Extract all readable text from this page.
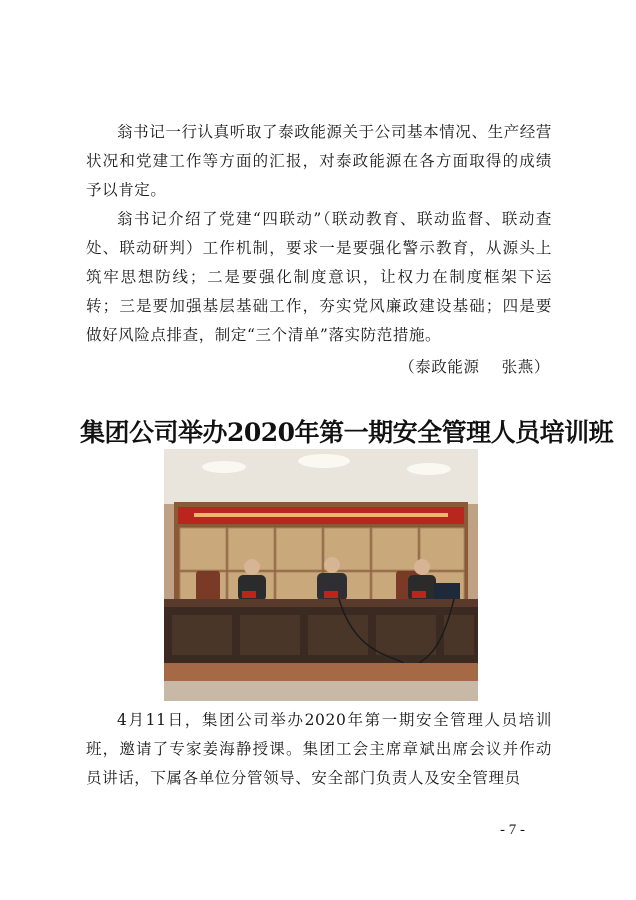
翁书记一行认真听取了泰政能源关于公司基本情况、生产经营状况和党建工作等方面的汇报，对泰政能源在各方面取得的成绩予以肯定。

翁书记介绍了党建“四联动”（联动教育、联动监督、联动查处、联动研判）工作机制，要求一是要强化警示教育，从源头上筑牢思想防线；二是要强化制度意识，让权力在制度框架下运转；三是要加强基层基础工作，夯实党风廉政建设基础；四是要做好风险点排查，制定“三个清单”落实防范措施。

（泰政能源    张燕）
集团公司举办2020年第一期安全管理人员培训班

4月11日，集团公司举办2020年第一期安全管理人员培训班，邀请了专家姜海静授课。集团工会主席章斌出席会议并作动员讲话，下属各单位分管领导、安全部门负责人及安全管理员

- 7 -
